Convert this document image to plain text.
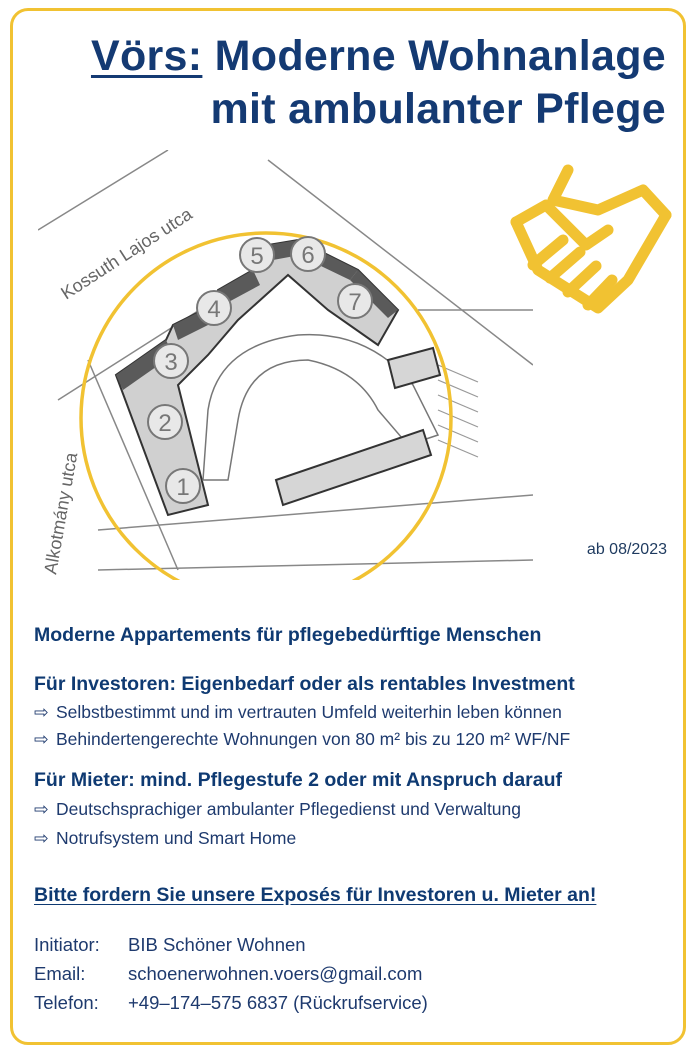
Vörs: Moderne Wohnanlage
mit ambulanter Pflege
Kossuth Lajos utca
Alkotmány utca	1
2
3
4
5 6
7
ab 08/2023
Moderne Appartements für pflegebedürftige Menschen
Für Investoren: Eigenbedarf oder als rentables Investment
⇨ Selbstbestimmt und im vertrauten Umfeld weiterhin leben können
⇨ Behindertengerechte Wohnungen von 80 m² bis zu 120 m² WF/NF
Für Mieter: mind. Pflegestufe 2 oder mit Anspruch darauf
⇨ Deutschsprachiger ambulanter Pflegedienst und Verwaltung
⇨ Notrufsystem und Smart Home
Bitte fordern Sie unsere Exposés für Investoren u. Mieter an!
Initiator: BIB Schöner Wohnen
Email: schoenerwohnen.voers@gmail.com
Telefon: +49–174–575 6837 (Rückrufservice)
